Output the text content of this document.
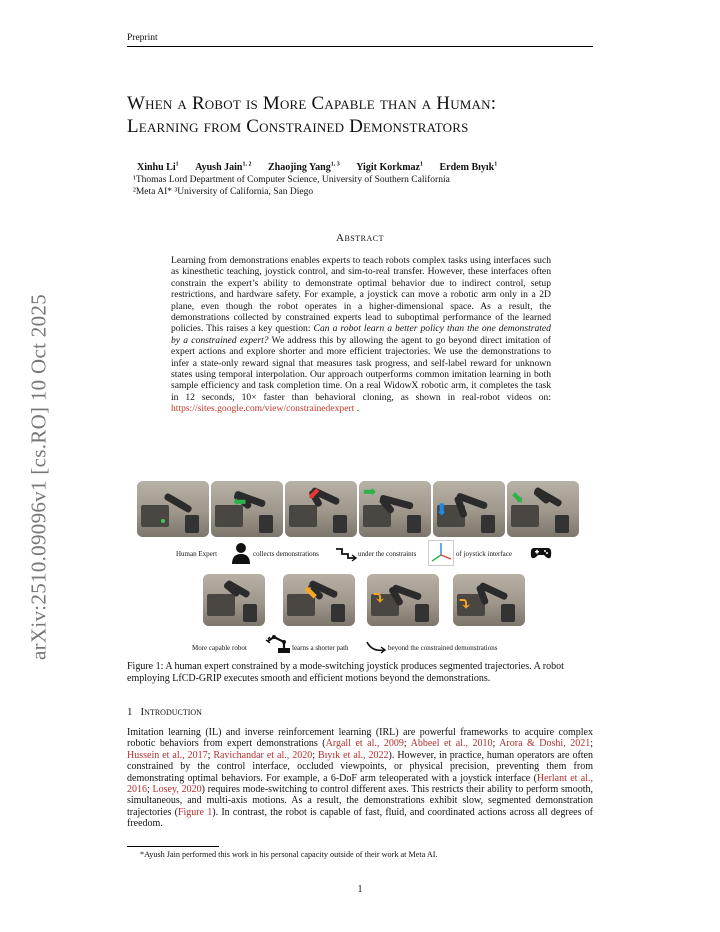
Preprint
arXiv:2510.09096v1 [cs.RO] 10 Oct 2025
When a Robot is More Capable than a Human:
Learning from Constrained Demonstrators
Xinhu Li$^1$ Ayush Jain$^{1, 2}$ Zhaojing Yang$^{1, 3}$ Yigit Korkmaz$^1$ Erdem Bıyık$^1$
¹Thomas Lord Department of Computer Science, University of Southern California
²Meta AI* ³University of California, San Diego
Abstract
Learning from demonstrations enables experts to teach robots complex tasks using interfaces such as kinesthetic teaching, joystick control, and sim-to-real transfer. However, these interfaces often constrain the expert’s ability to demonstrate optimal behavior due to indirect control, setup restrictions, and hardware safety. For example, a joystick can move a robotic arm only in a 2D plane, even though the robot operates in a higher-dimensional space. As a result, the demonstrations collected by constrained experts lead to suboptimal performance of the learned policies. This raises a key question: Can a robot learn a better policy than the one demonstrated by a constrained expert? We address this by allowing the agent to go beyond direct imitation of expert actions and explore shorter and more efficient trajectories. We use the demonstrations to infer a state-only reward signal that measures task progress, and self-label reward for unknown states using temporal interpolation. Our approach outperforms common imitation learning in both sample efficiency and task completion time. On a real WidowX robotic arm, it completes the task in 12 seconds, 10× faster than behavioral cloning, as shown in real-robot videos on: https://sites.google.com/view/constrainedexpert .
⬅	⬋	➡
⬇
⬊
Human Expert	collects demonstrations	under the constraints	of joystick interface
⬉	⤵	⤵
More capable robot	learns a shorter path	beyond the constrained demonstrations
Figure 1: A human expert constrained by a mode-switching joystick produces segmented trajectories. A robot employing LfCD-GRIP executes smooth and efficient motions beyond the demonstrations.
1 Introduction
Imitation learning (IL) and inverse reinforcement learning (IRL) are powerful frameworks to acquire complex robotic behaviors from expert demonstrations (Argall et al., 2009; Abbeel et al., 2010; Arora & Doshi, 2021; Hussein et al., 2017; Ravichandar et al., 2020; Bıyık et al., 2022). However, in practice, human operators are often constrained by the control interface, occluded viewpoints, or physical precision, preventing them from demonstrating optimal behaviors. For example, a 6-DoF arm teleoperated with a joystick interface (Herlant et al., 2016; Losey, 2020) requires mode-switching to control different axes. This restricts their ability to perform smooth, simultaneous, and multi-axis motions. As a result, the demonstrations exhibit slow, segmented demonstration trajectories (Figure 1). In contrast, the robot is capable of fast, fluid, and coordinated actions across all degrees of freedom.
*Ayush Jain performed this work in his personal capacity outside of their work at Meta AI.
1
